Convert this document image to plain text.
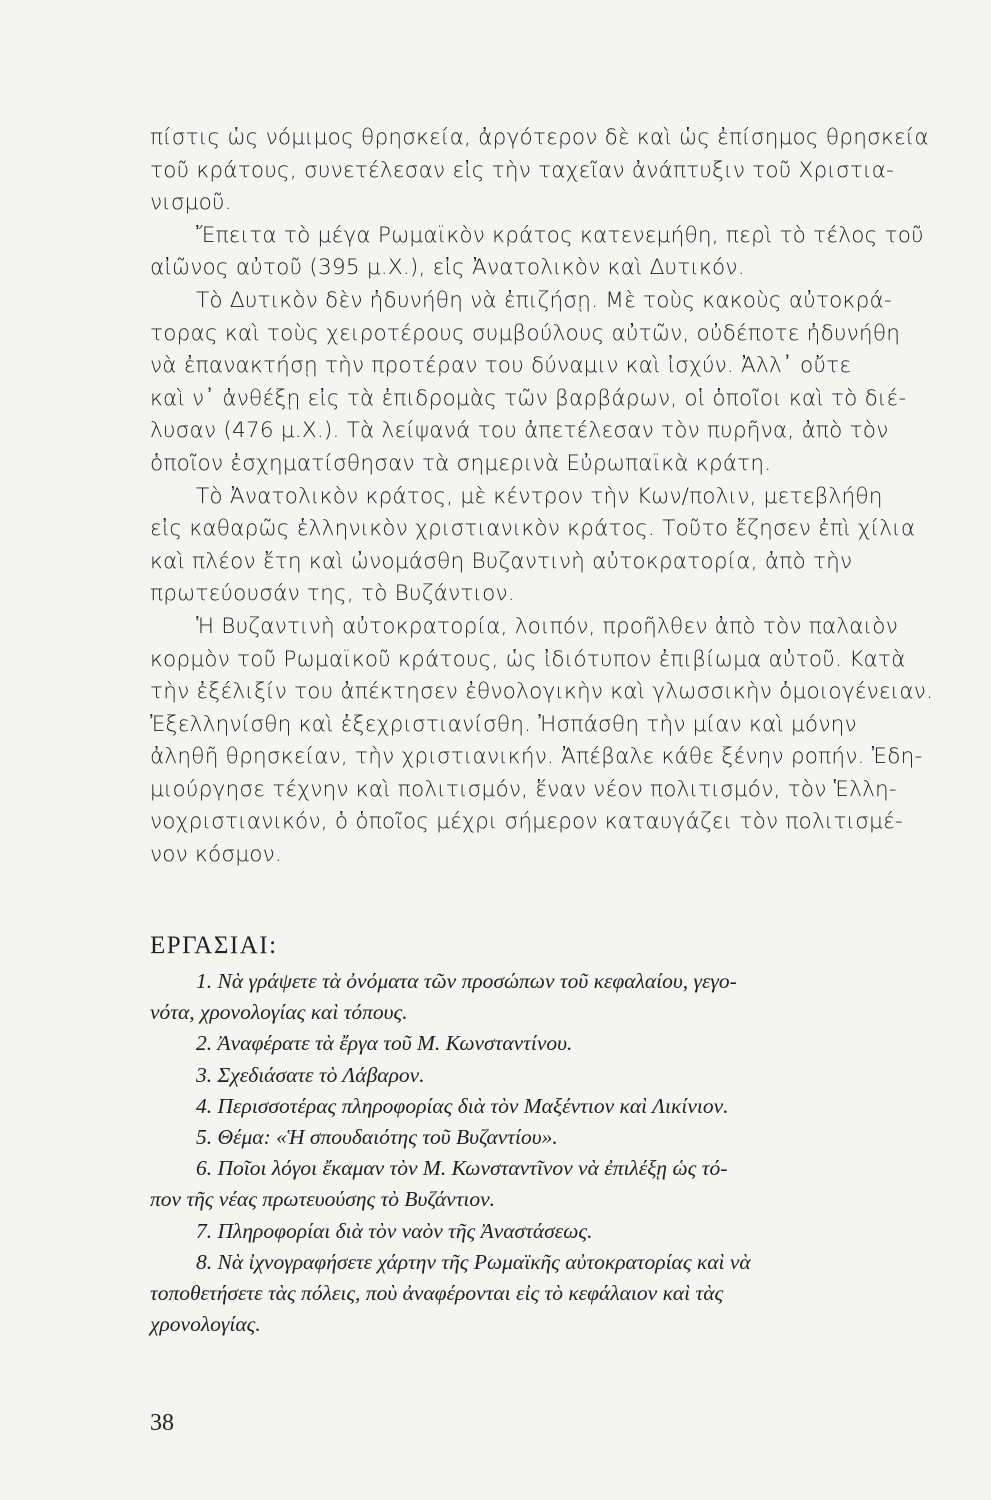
πίστις ὡς νόμιμος θρησκεία, ἀργότερον δὲ καὶ ὡς ἐπίσημος θρησκεία
τοῦ κράτους, συνετέλεσαν εἰς τὴν ταχεῖαν ἀνάπτυξιν τοῦ Χριστια-
νισμοῦ.

Ἔπειτα τὸ μέγα Ρωμαϊκὸν κράτος κατενεμήθη, περὶ τὸ τέλος τοῦ
αἰῶνος αὐτοῦ (395 μ.Χ.), εἰς Ἀνατολικὸν καὶ Δυτικόν.

Τὸ Δυτικὸν δὲν ἠδυνήθη νὰ ἐπιζήσῃ. Μὲ τοὺς κακοὺς αὐτοκρά-
τορας καὶ τοὺς χειροτέρους συμβούλους αὐτῶν, οὐδέποτε ἠδυνήθη
νὰ ἐπανακτήσῃ τὴν προτέραν του δύναμιν καὶ ἰσχύν. Ἀλλ᾽ οὔτε
καὶ ν᾽ ἀνθέξῃ εἰς τὰ ἐπιδρομὰς τῶν βαρβάρων, οἱ ὁποῖοι καὶ τὸ διέ-
λυσαν (476 μ.Χ.). Τὰ λείψανά του ἀπετέλεσαν τὸν πυρῆνα, ἀπὸ τὸν
ὁποῖον ἐσχηματίσθησαν τὰ σημερινὰ Εὐρωπαϊκὰ κράτη.

Τὸ Ἀνατολικὸν κράτος, μὲ κέντρον τὴν Κων/πολιν, μετεβλήθη
εἰς καθαρῶς ἑλληνικὸν χριστιανικὸν κράτος. Τοῦτο ἔζησεν ἐπὶ χίλια
καὶ πλέον ἔτη καὶ ὠνομάσθη Βυζαντινὴ αὐτοκρατορία, ἀπὸ τὴν
πρωτεύουσάν της, τὸ Βυζάντιον.

Ἡ Βυζαντινὴ αὐτοκρατορία, λοιπόν, προῆλθεν ἀπὸ τὸν παλαιὸν
κορμὸν τοῦ Ρωμαϊκοῦ κράτους, ὡς ἰδιότυπον ἐπιβίωμα αὐτοῦ. Κατὰ
τὴν ἐξέλιξίν του ἀπέκτησεν ἐθνολογικὴν καὶ γλωσσικὴν ὁμοιογένειαν.
Ἐξελληνίσθη καὶ ἐξεχριστιανίσθη. Ἠσπάσθη τὴν μίαν καὶ μόνην
ἀληθῆ θρησκείαν, τὴν χριστιανικήν. Ἀπέβαλε κάθε ξένην ροπήν. Ἐδη-
μιούργησε τέχνην καὶ πολιτισμόν, ἕναν νέον πολιτισμόν, τὸν Ἑλλη-
νοχριστιανικόν, ὁ ὁποῖος μέχρι σήμερον καταυγάζει τὸν πολιτισμέ-
νον κόσμον.

ΕΡΓΑΣΙΑΙ:
1. Νὰ γράψετε τὰ ὀνόματα τῶν προσώπων τοῦ κεφαλαίου, γεγο-
νότα, χρονολογίας καὶ τόπους.
2. Ἀναφέρατε τὰ ἔργα τοῦ Μ. Κωνσταντίνου.
3. Σχεδιάσατε τὸ Λάβαρον.
4. Περισσοτέρας πληροφορίας διὰ τὸν Μαξέντιον καὶ Λικίνιον.
5. Θέμα: «Ἡ σπουδαιότης τοῦ Βυζαντίου».
6. Ποῖοι λόγοι ἔκαμαν τὸν Μ. Κωνσταντῖνον νὰ ἐπιλέξῃ ὡς τό-
πον τῆς νέας πρωτευούσης τὸ Βυζάντιον.
7. Πληροφορίαι διὰ τὸν ναὸν τῆς Ἀναστάσεως.
8. Νὰ ἰχνογραφήσετε χάρτην τῆς Ρωμαϊκῆς αὐτοκρατορίας καὶ νὰ
τοποθετήσετε τὰς πόλεις, ποὺ ἀναφέρονται εἰς τὸ κεφάλαιον καὶ τὰς
χρονολογίας.

38
